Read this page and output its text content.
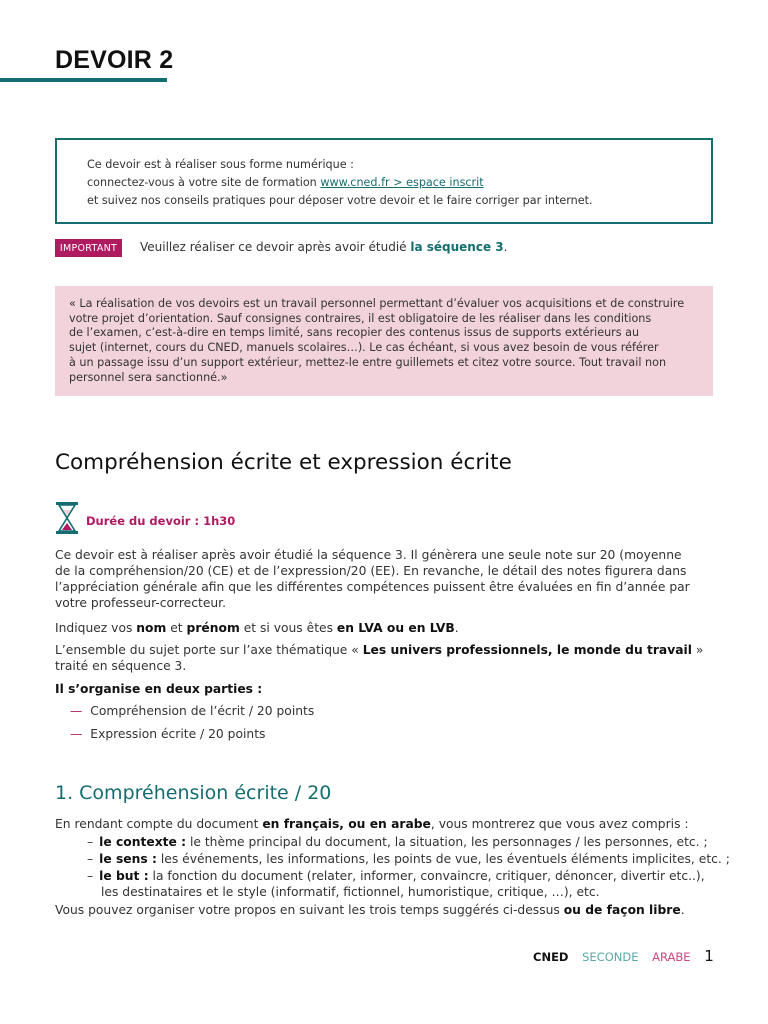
DEVOIR 2

Ce devoir est à réaliser sous forme numérique :

connectez-vous à votre site de formation www.cned.fr > espace inscrit

et suivez nos conseils pratiques pour déposer votre devoir et le faire corriger par internet.

IMPORTANT	Veuillez réaliser ce devoir après avoir étudié la séquence 3.

« La réalisation de vos devoirs est un travail personnel permettant d’évaluer vos acquisitions et de construire
votre projet d’orientation. Sauf consignes contraires, il est obligatoire de les réaliser dans les conditions
de l’examen, c’est-à-dire en temps limité, sans recopier des contenus issus de supports extérieurs au
sujet (internet, cours du CNED, manuels scolaires…). Le cas échéant, si vous avez besoin de vous référer
à un passage issu d’un support extérieur, mettez-le entre guillemets et citez votre source. Tout travail non
personnel sera sanctionné.»

Compréhension écrite et expression écrite
Durée du devoir : 1h30

Ce devoir est à réaliser après avoir étudié la séquence 3. Il génèrera une seule note sur 20 (moyenne
de la compréhension/20 (CE) et de l’expression/20 (EE). En revanche, le détail des notes figurera dans
l’appréciation générale afin que les différentes compétences puissent être évaluées en fin d’année par
votre professeur-correcteur.

Indiquez vos nom et prénom et si vous êtes en LVA ou en LVB.

L’ensemble du sujet porte sur l’axe thématique « Les univers professionnels, le monde du travail »
traité en séquence 3.

Il s’organise en deux parties :

— Compréhension de l’écrit / 20 points
— Expression écrite / 20 points
1. Compréhension écrite / 20

En rendant compte du document en français, ou en arabe, vous montrerez que vous avez compris :

– le contexte : le thème principal du document, la situation, les personnages / les personnes, etc. ;
– le sens : les événements, les informations, les points de vue, les éventuels éléments implicites, etc. ;
– le but : la fonction du document (relater, informer, convaincre, critiquer, dénoncer, divertir etc..),
les destinataires et le style (informatif, fictionnel, humoristique, critique, …), etc.

Vous pouvez organiser votre propos en suivant les trois temps suggérés ci-dessus ou de façon libre.

CNED SECONDE ARABE 1
